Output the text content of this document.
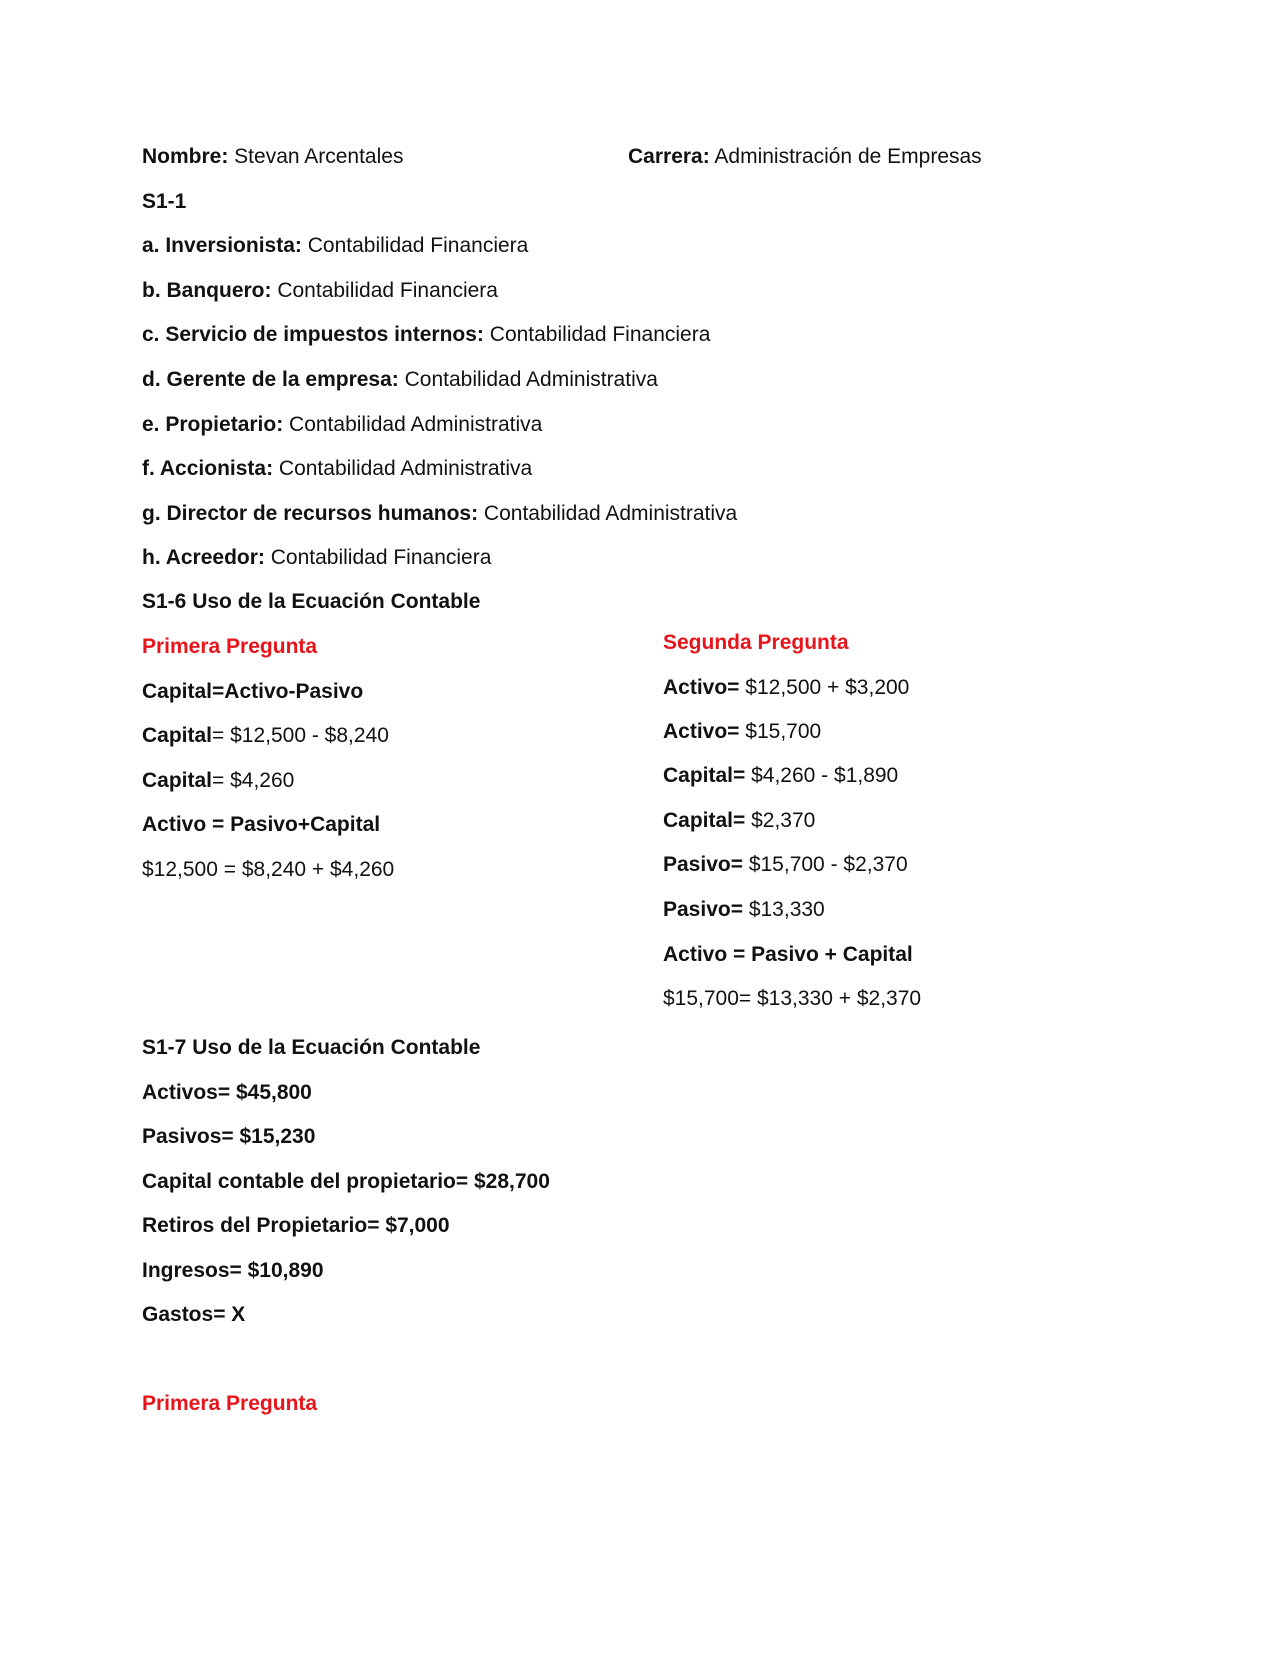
Nombre: Stevan Arcentales	Carrera: Administración de Empresas
S1-1
a. Inversionista: Contabilidad Financiera
b. Banquero: Contabilidad Financiera
c. Servicio de impuestos internos: Contabilidad Financiera
d. Gerente de la empresa: Contabilidad Administrativa
e. Propietario: Contabilidad Administrativa
f. Accionista: Contabilidad Administrativa
g. Director de recursos humanos: Contabilidad Administrativa
h. Acreedor: Contabilidad Financiera
S1-6 Uso de la Ecuación Contable
Primera Pregunta
Capital=Activo-Pasivo
Capital= $12,500 - $8,240
Capital= $4,260
Activo = Pasivo+Capital
$12,500 = $8,240 + $4,260
Segunda Pregunta
Activo= $12,500 + $3,200
Activo= $15,700
Capital= $4,260 - $1,890
Capital= $2,370
Pasivo= $15,700 - $2,370
Pasivo= $13,330
Activo = Pasivo + Capital
$15,700= $13,330 + $2,370
S1-7 Uso de la Ecuación Contable
Activos= $45,800
Pasivos= $15,230
Capital contable del propietario= $28,700
Retiros del Propietario= $7,000
Ingresos= $10,890
Gastos= X
Primera Pregunta
